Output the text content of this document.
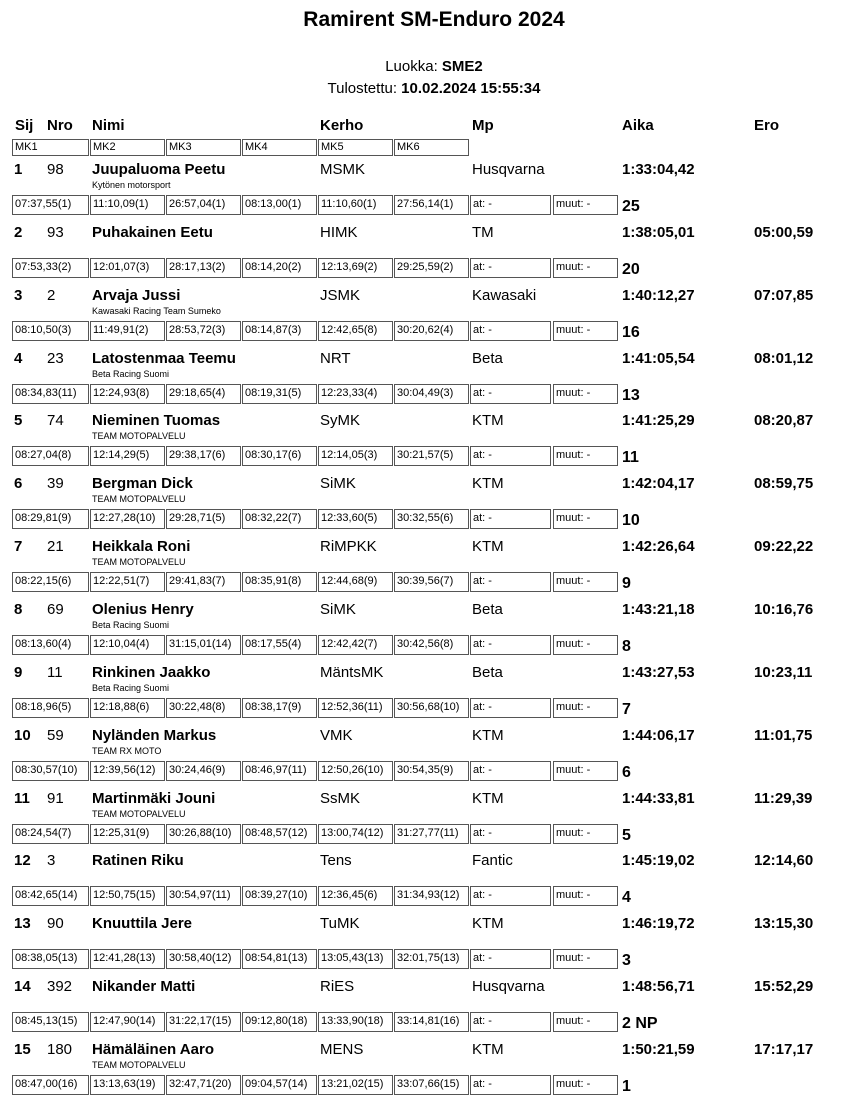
Ramirent SM-Enduro 2024
Luokka: SME2
Tulostettu: 10.02.2024 15:55:34
Sij Nro Nimi	Kerho	Mp	Aika	Ero
MK1	MK2	MK3	MK4	MK5	MK6
1 98 Juupaluoma Peetu
Kytönen motorsport
MSMK	Husqvarna	1:33:04,42
07:37,55(1)	11:10,09(1)	26:57,04(1)	08:13,00(1)	11:10,60(1)	27:56,14(1)	at: -	muut: -	25
2 93 Puhakainen Eetu	HIMK	TM	1:38:05,01	05:00,59
07:53,33(2)	12:01,07(3)	28:17,13(2)	08:14,20(2)	12:13,69(2)	29:25,59(2)	at: -	muut: -	20
3 2 Arvaja Jussi
Kawasaki Racing Team Sumeko
JSMK	Kawasaki	1:40:12,27	07:07,85
08:10,50(3)	11:49,91(2)	28:53,72(3)	08:14,87(3)	12:42,65(8)	30:20,62(4)	at: -	muut: -	16
4 23 Latostenmaa Teemu
Beta Racing Suomi
NRT	Beta	1:41:05,54	08:01,12
08:34,83(11)	12:24,93(8)	29:18,65(4)	08:19,31(5)	12:23,33(4)	30:04,49(3)	at: -	muut: -	13
5 74 Nieminen Tuomas
TEAM MOTOPALVELU
SyMK	KTM	1:41:25,29	08:20,87
08:27,04(8)	12:14,29(5)	29:38,17(6)	08:30,17(6)	12:14,05(3)	30:21,57(5)	at: -	muut: -	11
6 39 Bergman Dick
TEAM MOTOPALVELU
SiMK	KTM	1:42:04,17	08:59,75
08:29,81(9)	12:27,28(10)	29:28,71(5)	08:32,22(7)	12:33,60(5)	30:32,55(6)	at: -	muut: -	10
7 21 Heikkala Roni
TEAM MOTOPALVELU
RiMPKK	KTM	1:42:26,64	09:22,22
08:22,15(6)	12:22,51(7)	29:41,83(7)	08:35,91(8)	12:44,68(9)	30:39,56(7)	at: -	muut: -	9
8 69 Olenius Henry
Beta Racing Suomi
SiMK	Beta	1:43:21,18	10:16,76
08:13,60(4)	12:10,04(4)	31:15,01(14)	08:17,55(4)	12:42,42(7)	30:42,56(8)	at: -	muut: -	8
9 11 Rinkinen Jaakko
Beta Racing Suomi
MäntsMK	Beta	1:43:27,53	10:23,11
08:18,96(5)	12:18,88(6)	30:22,48(8)	08:38,17(9)	12:52,36(11)	30:56,68(10)	at: -	muut: -	7
10 59 Nyländen Markus
TEAM RX MOTO
VMK	KTM	1:44:06,17	11:01,75
08:30,57(10)	12:39,56(12)	30:24,46(9)	08:46,97(11)	12:50,26(10)	30:54,35(9)	at: -	muut: -	6
11 91 Martinmäki Jouni
TEAM MOTOPALVELU
SsMK	KTM	1:44:33,81	11:29,39
08:24,54(7)	12:25,31(9)	30:26,88(10)	08:48,57(12)	13:00,74(12)	31:27,77(11)	at: -	muut: -	5
12 3 Ratinen Riku	Tens	Fantic	1:45:19,02	12:14,60
08:42,65(14)	12:50,75(15)	30:54,97(11)	08:39,27(10)	12:36,45(6)	31:34,93(12)	at: -	muut: -	4
13 90 Knuuttila Jere	TuMK	KTM	1:46:19,72	13:15,30
08:38,05(13)	12:41,28(13)	30:58,40(12)	08:54,81(13)	13:05,43(13)	32:01,75(13)	at: -	muut: -	3
14 392 Nikander Matti	RiES	Husqvarna	1:48:56,71	15:52,29
08:45,13(15)	12:47,90(14)	31:22,17(15)	09:12,80(18)	13:33,90(18)	33:14,81(16)	at: -	muut: -	2 NP
15 180 Hämäläinen Aaro
TEAM MOTOPALVELU
MENS	KTM	1:50:21,59	17:17,17
08:47,00(16)	13:13,63(19)	32:47,71(20)	09:04,57(14)	13:21,02(15)	33:07,66(15)	at: -	muut: -	1
